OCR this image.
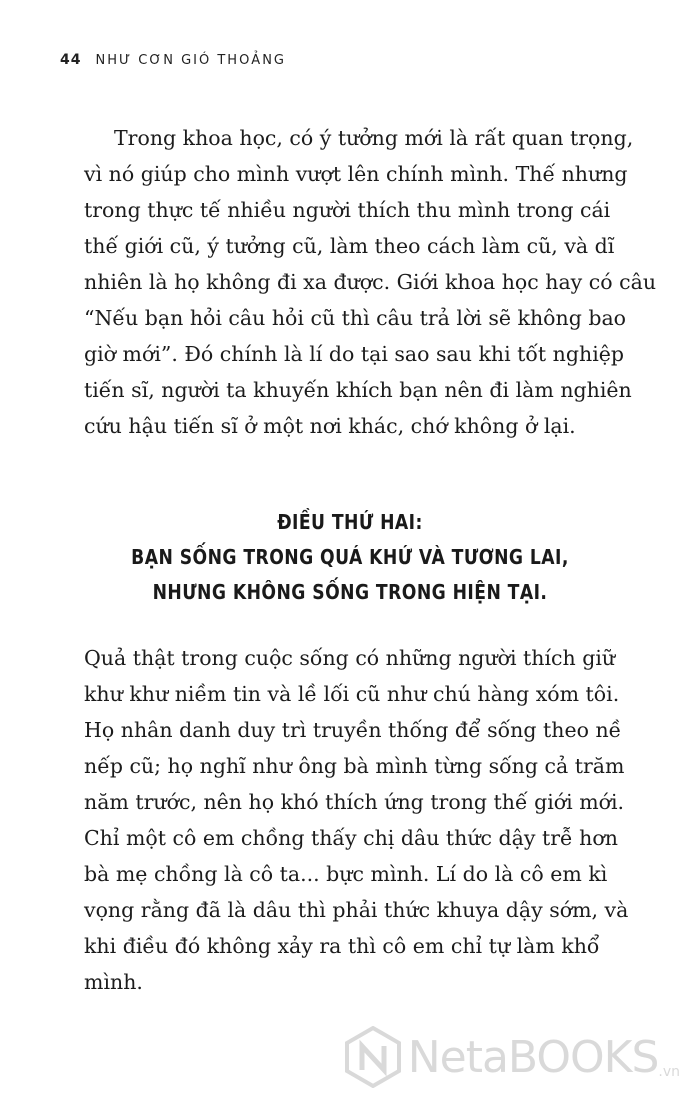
44 NHƯ CƠN GIÓ THOẢNG

Trong khoa học, có ý tưởng mới là rất quan trọng,
vì nó giúp cho mình vượt lên chính mình. Thế nhưng
trong thực tế nhiều người thích thu mình trong cái
thế giới cũ, ý tưởng cũ, làm theo cách làm cũ, và dĩ
nhiên là họ không đi xa được. Giới khoa học hay có câu
“Nếu bạn hỏi câu hỏi cũ thì câu trả lời sẽ không bao
giờ mới”. Đó chính là lí do tại sao sau khi tốt nghiệp
tiến sĩ, người ta khuyến khích bạn nên đi làm nghiên
cứu hậu tiến sĩ ở một nơi khác, chớ không ở lại.

ĐIỀU THỨ HAI:
BẠN SỐNG TRONG QUÁ KHỨ VÀ TƯƠNG LAI,
NHƯNG KHÔNG SỐNG TRONG HIỆN TẠI.

Quả thật trong cuộc sống có những người thích giữ
khư khư niềm tin và lề lối cũ như chú hàng xóm tôi.
Họ nhân danh duy trì truyền thống để sống theo nề
nếp cũ; họ nghĩ như ông bà mình từng sống cả trăm
năm trước, nên họ khó thích ứng trong thế giới mới.
Chỉ một cô em chồng thấy chị dâu thức dậy trễ hơn
bà mẹ chồng là cô ta... bực mình. Lí do là cô em kì
vọng rằng đã là dâu thì phải thức khuya dậy sớm, và
khi điều đó không xảy ra thì cô em chỉ tự làm khổ
mình.

NetaBOOKS .vn
